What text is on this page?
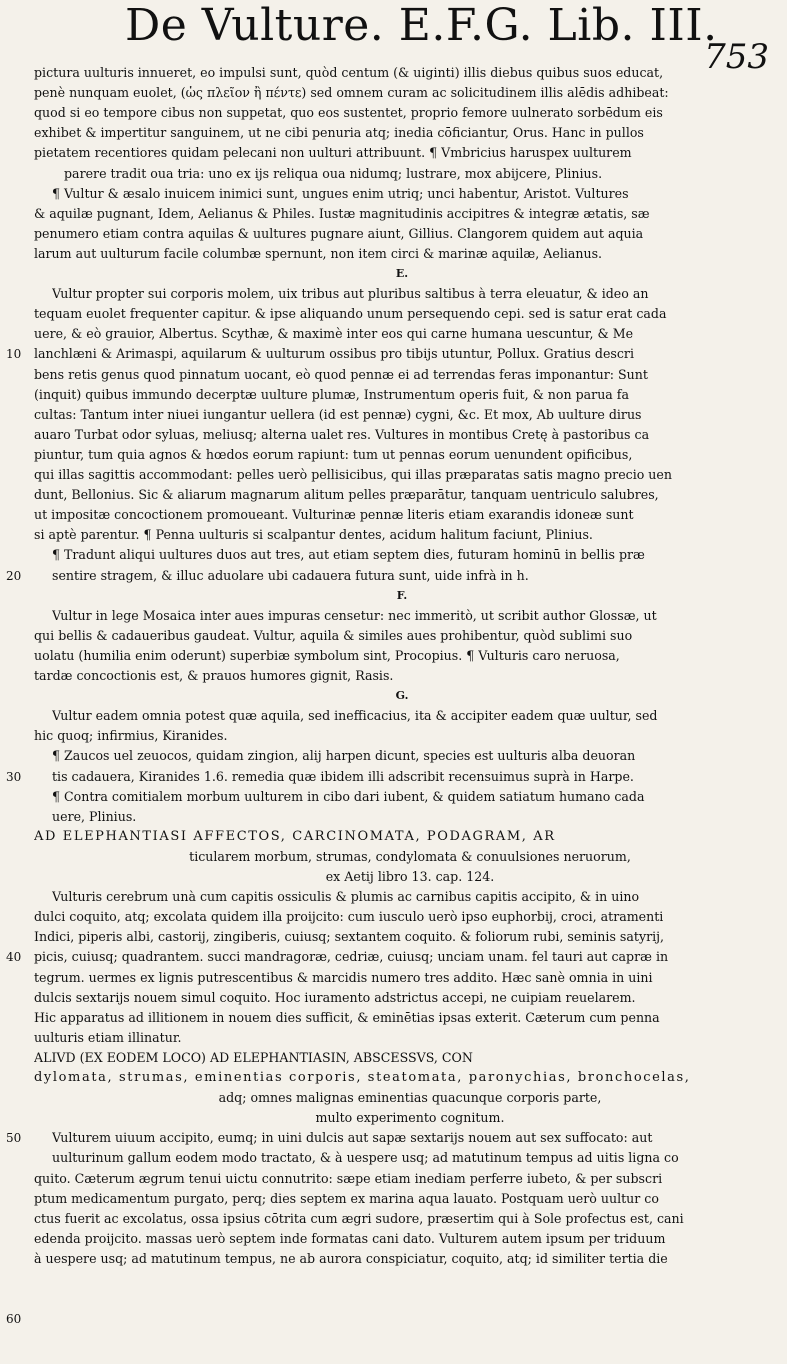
De Vulture. E.F.G. Lib. III.
753
pictura uulturis innueret, eo impulsi sunt, quòd centum (& uiginti) illis diebus quibus suos educat,
penè nunquam euolet, (ὡς πλεῖον ἢ πέντε) sed omnem curam ac solicitudinem illis alēdis adhibeat:
quod si eo tempore cibus non suppetat, quo eos sustentet, proprio femore uulnerato sorbēdum eis
exhibet & impertitur sanguinem, ut ne cibi penuria atq; inedia cōficiantur, Orus. Hanc in pullos
pietatem recentiores quidam pelecani non uulturi attribuunt. ¶ Vmbricius haruspex uulturem
parere tradit oua tria: uno ex ijs reliqua oua nidumq; lustrare, mox abijcere, Plinius.
¶ Vultur & æsalo inuicem inimici sunt, ungues enim utriq; unci habentur, Aristot. Vultures
& aquilæ pugnant, Idem, Aelianus & Philes. Iustæ magnitudinis accipitres & integræ ætatis, sæ
penumero etiam contra aquilas & uultures pugnare aiunt, Gillius. Clangorem quidem aut aquia
larum aut uulturum facile columbæ spernunt, non item circi & marinæ aquilæ, Aelianus.
E.
Vultur propter sui corporis molem, uix tribus aut pluribus saltibus à terra eleuatur, & ideo an
tequam euolet frequenter capitur. & ipse aliquando unum persequendo cepi. sed is satur erat cada
uere, & eò grauior, Albertus. Scythæ, & maximè inter eos qui carne humana uescuntur, & Me
lanchlæni & Arimaspi, aquilarum & uulturum ossibus pro tibijs utuntur, Pollux. Gratius descri
bens retis genus quod pinnatum uocant, eò quod pennæ ei ad terrendas feras imponantur: Sunt
(inquit) quibus immundo decerptæ uulture plumæ, Instrumentum operis fuit, & non parua fa
cultas: Tantum inter niuei iungantur uellera (id est pennæ) cygni, &c. Et mox, Ab uulture dirus
auaro Turbat odor syluas, meliusq; alterna ualet res. Vultures in montibus Cretę à pastoribus ca
piuntur, tum quia agnos & hœdos eorum rapiunt: tum ut pennas eorum uenundent opificibus,
qui illas sagittis accommodant: pelles uerò pellisicibus, qui illas præparatas satis magno precio uen
dunt, Bellonius. Sic & aliarum magnarum alitum pelles præparātur, tanquam uentriculo salubres,
ut impositæ concoctionem promoueant. Vulturinæ pennæ literis etiam exarandis idoneæ sunt
si aptè parentur. ¶ Penna uulturis si scalpantur dentes, acidum halitum faciunt, Plinius.
¶ Tradunt aliqui uultures duos aut tres, aut etiam septem dies, futuram hominū in bellis præ
sentire stragem, & illuc aduolare ubi cadauera futura sunt, uide infrà in h.
F.
Vultur in lege Mosaica inter aues impuras censetur: nec immeritò, ut scribit author Glossæ, ut
qui bellis & cadaueribus gaudeat. Vultur, aquila & similes aues prohibentur, quòd sublimi suo
uolatu (humilia enim oderunt) superbiæ symbolum sint, Procopius. ¶ Vulturis caro neruosa,
tardæ concoctionis est, & prauos humores gignit, Rasis.
G.
Vultur eadem omnia potest quæ aquila, sed inefficacius, ita & accipiter eadem quæ uultur, sed
hic quoq; infirmius, Kiranides.
¶ Zaucos uel zeuocos, quidam zingion, alij harpen dicunt, species est uulturis alba deuoran
tis cadauera, Kiranides 1.6. remedia quæ ibidem illi adscribit recensuimus suprà in Harpe.
¶ Contra comitialem morbum uulturem in cibo dari iubent, & quidem satiatum humano cada
uere, Plinius.
AD ELEPHANTIASI AFFECTOS, CARCINOMATA, PODAGRAM, AR
ticularem morbum, strumas, condylomata & conuulsiones neruorum,
ex Aetij libro 13. cap. 124.
Vulturis cerebrum unà cum capitis ossiculis & plumis ac carnibus capitis accipito, & in uino
dulci coquito, atq; excolata quidem illa proijcito: cum iusculo uerò ipso euphorbij, croci, atramenti
Indici, piperis albi, castorij, zingiberis, cuiusq; sextantem coquito. & foliorum rubi, seminis satyrij,
picis, cuiusq; quadrantem. succi mandragoræ, cedriæ, cuiusq; unciam unam. fel tauri aut capræ in
tegrum. uermes ex lignis putrescentibus & marcidis numero tres addito. Hæc sanè omnia in uini
dulcis sextarijs nouem simul coquito. Hoc iuramento adstrictus accepi, ne cuipiam reuelarem.
Hic apparatus ad illitionem in nouem dies sufficit, & eminētias ipsas exterit. Cæterum cum penna
uulturis etiam illinatur.
ALIVD (EX EODEM LOCO) AD ELEPHANTIASIN, ABSCESSVS, CON
dylomata, strumas, eminentias corporis, steatomata, paronychias, bronchocelas,
adq; omnes malignas eminentias quacunque corporis parte,
multo experimento cognitum.
Vulturem uiuum accipito, eumq; in uini dulcis aut sapæ sextarijs nouem aut sex suffocato: aut
uulturinum gallum eodem modo tractato, & à uespere usq; ad matutinum tempus ad uitis ligna co
quito. Cæterum ægrum tenui uictu connutrito: sæpe etiam inediam perferre iubeto, & per subscri
ptum medicamentum purgato, perq; dies septem ex marina aqua lauato. Postquam uerò uultur co
ctus fuerit ac excolatus, ossa ipsius cōtrita cum ægri sudore, præsertim qui à Sole profectus est, cani
edenda proijcito. massas uerò septem inde formatas cani dato. Vulturem autem ipsum per triduum
à uespere usq; ad matutinum tempus, ne ab aurora conspiciatur, coquito, atq; id similiter tertia die
10
20
30
40
50
60
